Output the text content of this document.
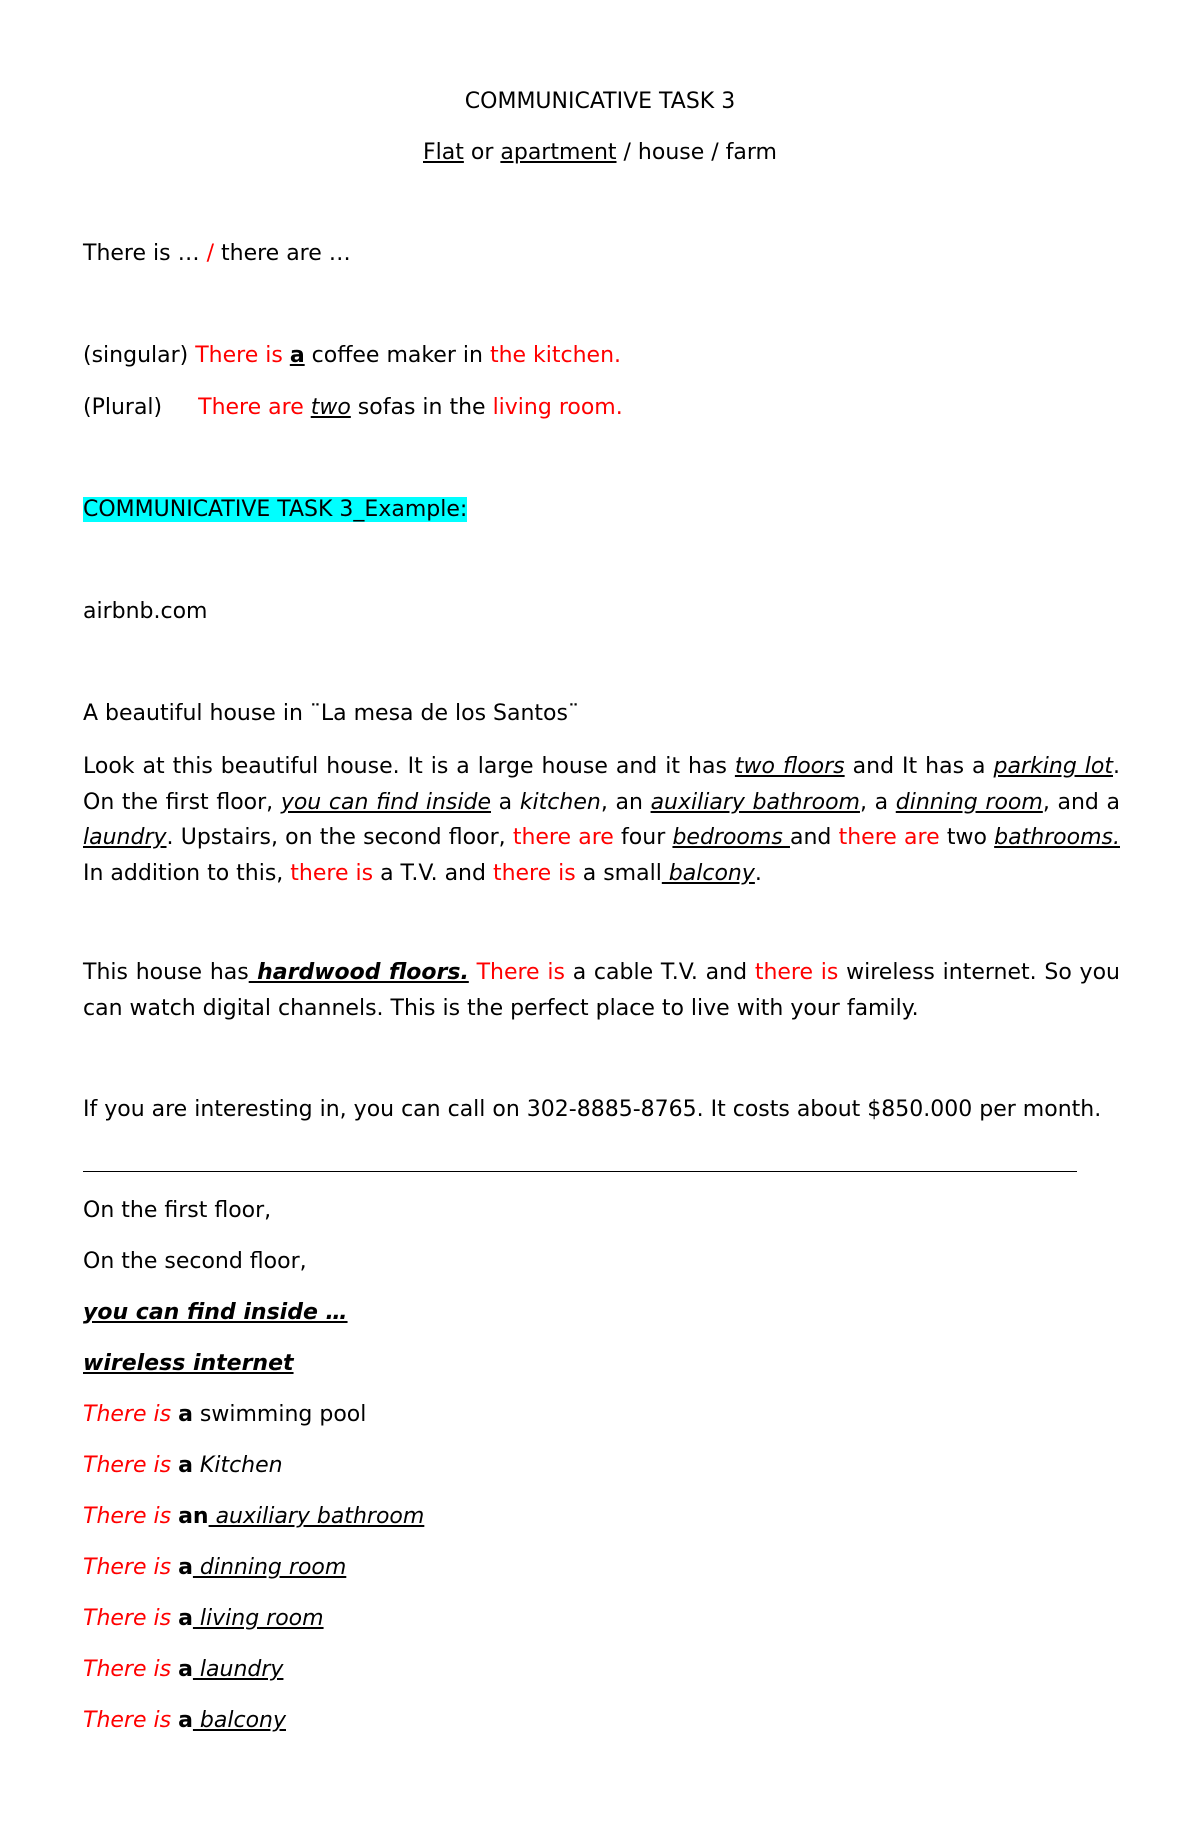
COMMUNICATIVE TASK 3
Flat or apartment / house / farm
There is … / there are …
(singular) There is a coffee maker in the kitchen.
(Plural) There are two sofas in the living room.
COMMUNICATIVE TASK 3_Example:
airbnb.com
A beautiful house in ¨La mesa de los Santos¨
Look at this beautiful house. It is a large house and it has two floors and It has a parking lot. On the first floor, you can find inside a kitchen, an auxiliary bathroom, a dinning room, and a laundry. Upstairs, on the second floor, there are four bedrooms and there are two bathrooms. In addition to this, there is a T.V. and there is a small balcony.
This house has hardwood floors. There is a cable T.V. and there is wireless internet. So you can watch digital channels. This is the perfect place to live with your family.
If you are interesting in, you can call on 302-8885-8765. It costs about $850.000 per month.
On the first floor,
On the second floor,
you can find inside …
wireless internet
There is a swimming pool
There is a Kitchen
There is an auxiliary bathroom
There is a dinning room
There is a living room
There is a laundry
There is a balcony
